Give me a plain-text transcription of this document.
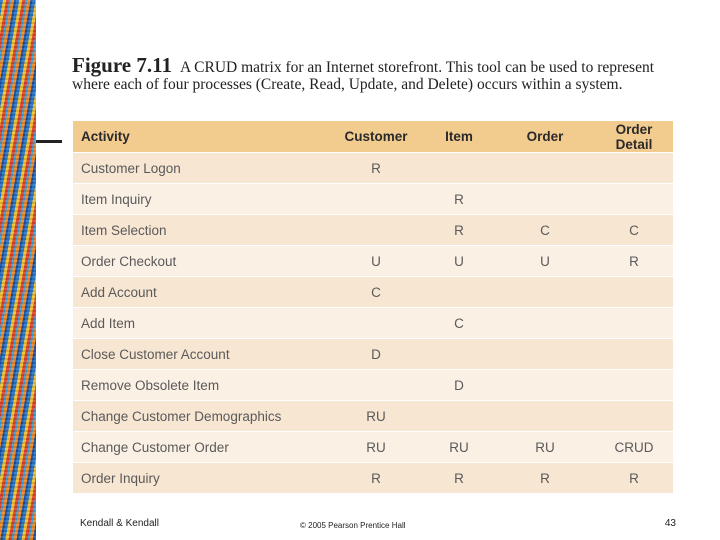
Figure 7.11 A CRUD matrix for an Internet storefront. This tool can be used to represent where each of four processes (Create, Read, Update, and Delete) occurs within a system.
Activity	Customer	Item	Order	Order Detail
Customer Logon	R			
Item Inquiry		R		
Item Selection		R	C	C
Order Checkout	U	U	U	R
Add Account	C			
Add Item		C		
Close Customer Account	D			
Remove Obsolete Item		D		
Change Customer Demographics	RU			
Change Customer Order	RU	RU	RU	CRUD
Order Inquiry	R	R	R	R
Kendall & Kendall	© 2005 Pearson Prentice Hall	43
